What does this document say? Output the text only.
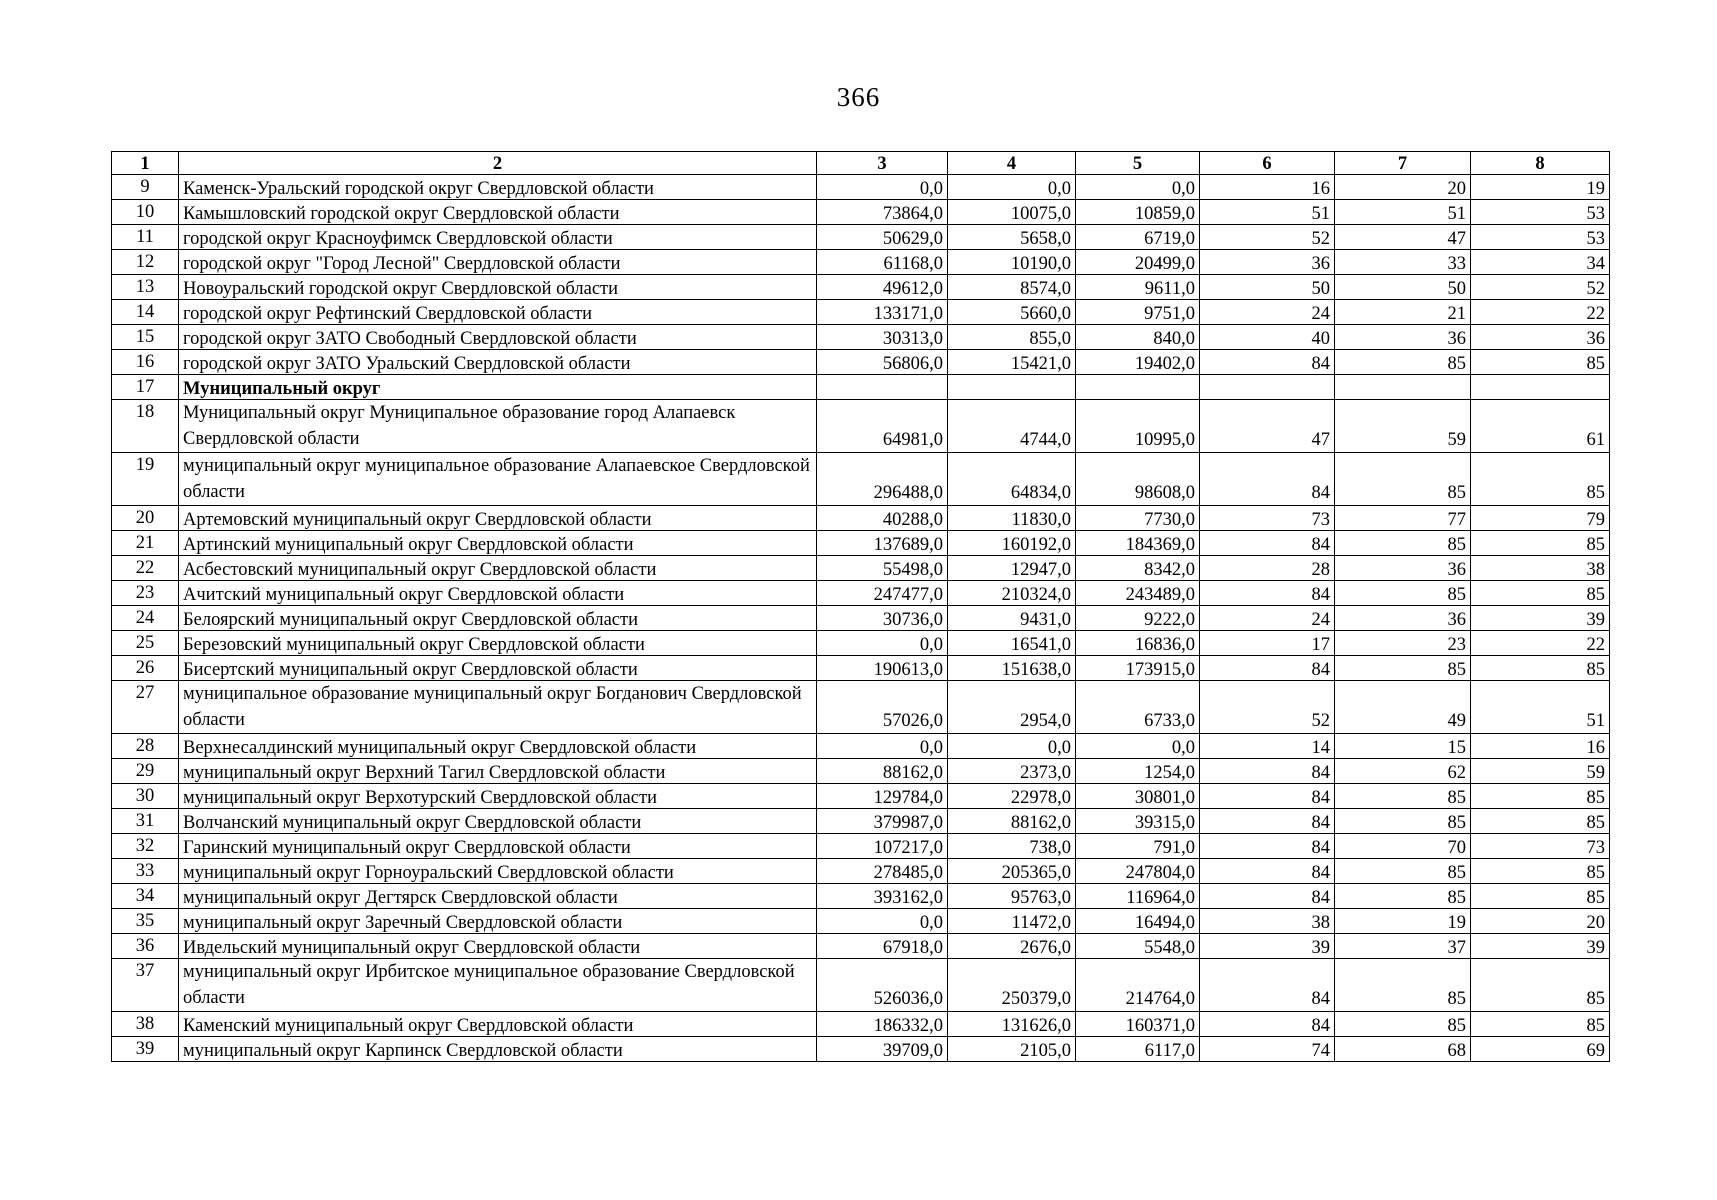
366
1	2	3	4	5	6	7	8
9	Каменск-Уральский городской округ Свердловской области	0,0	0,0	0,0	16	20	19
10	Камышловский городской округ Свердловской области	73864,0	10075,0	10859,0	51	51	53
11	городской округ Красноуфимск Свердловской области	50629,0	5658,0	6719,0	52	47	53
12	городской округ "Город Лесной" Свердловской области	61168,0	10190,0	20499,0	36	33	34
13	Новоуральский городской округ Свердловской области	49612,0	8574,0	9611,0	50	50	52
14	городской округ Рефтинский Свердловской области	133171,0	5660,0	9751,0	24	21	22
15	городской округ ЗАТО Свободный Свердловской области	30313,0	855,0	840,0	40	36	36
16	городской округ ЗАТО Уральский Свердловской области	56806,0	15421,0	19402,0	84	85	85
17	Муниципальный округ						
18	Муниципальный округ Муниципальное образование город Алапаевск Свердловской области	64981,0	4744,0	10995,0	47	59	61
19	муниципальный округ муниципальное образование Алапаевское Свердловской области	296488,0	64834,0	98608,0	84	85	85
20	Артемовский муниципальный округ Свердловской области	40288,0	11830,0	7730,0	73	77	79
21	Артинский муниципальный округ Свердловской области	137689,0	160192,0	184369,0	84	85	85
22	Асбестовский муниципальный округ Свердловской области	55498,0	12947,0	8342,0	28	36	38
23	Ачитский муниципальный округ Свердловской области	247477,0	210324,0	243489,0	84	85	85
24	Белоярский муниципальный округ Свердловской области	30736,0	9431,0	9222,0	24	36	39
25	Березовский муниципальный округ Свердловской области	0,0	16541,0	16836,0	17	23	22
26	Бисертский муниципальный округ Свердловской области	190613,0	151638,0	173915,0	84	85	85
27	муниципальное образование муниципальный округ Богданович Свердловской области	57026,0	2954,0	6733,0	52	49	51
28	Верхнесалдинский муниципальный округ Свердловской области	0,0	0,0	0,0	14	15	16
29	муниципальный округ Верхний Тагил Свердловской области	88162,0	2373,0	1254,0	84	62	59
30	муниципальный округ Верхотурский Свердловской области	129784,0	22978,0	30801,0	84	85	85
31	Волчанский муниципальный округ Свердловской области	379987,0	88162,0	39315,0	84	85	85
32	Гаринский муниципальный округ Свердловской области	107217,0	738,0	791,0	84	70	73
33	муниципальный округ Горноуральский Свердловской области	278485,0	205365,0	247804,0	84	85	85
34	муниципальный округ Дегтярск Свердловской области	393162,0	95763,0	116964,0	84	85	85
35	муниципальный округ Заречный Свердловской области	0,0	11472,0	16494,0	38	19	20
36	Ивдельский муниципальный округ Свердловской области	67918,0	2676,0	5548,0	39	37	39
37	муниципальный округ Ирбитское муниципальное образование Свердловской области	526036,0	250379,0	214764,0	84	85	85
38	Каменский муниципальный округ Свердловской области	186332,0	131626,0	160371,0	84	85	85
39	муниципальный округ Карпинск Свердловской области	39709,0	2105,0	6117,0	74	68	69
